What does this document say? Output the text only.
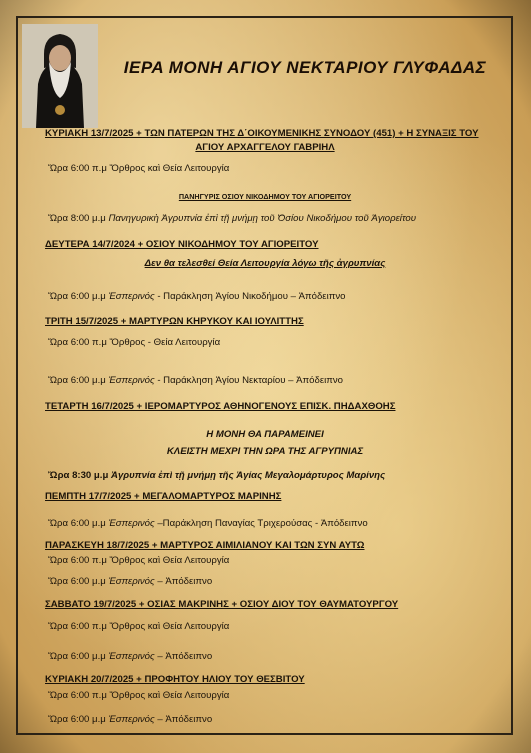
ΙΕΡΑ ΜΟΝΗ ΑΓΙΟΥ ΝΕΚΤΑΡΙΟΥ ΓΛΥΦΑΔΑΣ
ΚΥΡΙΑΚΗ 13/7/2025 + ΤΩΝ ΠΑΤΕΡΩΝ ΤΗΣ Δ΄ΟΙΚΟΥΜΕΝΙΚΗΣ ΣΥΝΟΔΟΥ (451) + Η ΣΥΝΑΞΙΣ ΤΟΥ
ΑΓΙΟΥ ΑΡΧΑΓΓΕΛΟΥ ΓΑΒΡΙΗΛ
Ὥρα 6:00 π.μ Ὄρθρος καὶ Θεία Λειτουργία
ΠΑΝΗΓΥΡΙΣ ΟΣΙΟΥ ΝΙΚΟΔΗΜΟΥ ΤΟΥ ΑΓΙΟΡΕΙΤΟΥ
Ὥρα 8:00 μ.μ Πανηγυρικὴ Ἀγρυπνία ἐπὶ τῇ μνήμῃ τοῦ Ὁσίου Νικοδήμου τοῦ Ἁγιορείτου
ΔΕΥΤΕΡΑ 14/7/2024 + ΟΣΙΟΥ ΝΙΚΟΔΗΜΟΥ ΤΟΥ ΑΓΙΟΡΕΙΤΟΥ
Δεν θα τελεσθεί Θεία Λειτουργία λόγω τῆς ἀγρυπνίας
Ὥρα 6:00 μ.μ Ἑσπερινός - Παράκληση Ἁγίου Νικοδήμου – Ἀπόδειπνο
ΤΡΙΤΗ 15/7/2025 + ΜΑΡΤΥΡΩΝ ΚΗΡΥΚΟΥ ΚΑΙ ΙΟΥΛΙΤΤΗΣ
Ὥρα 6:00 π.μ Ὄρθρος - Θεία Λειτουργία
Ὥρα 6:00 μ.μ Ἑσπερινός - Παράκληση Ἁγίου Νεκταρίου – Ἀπόδειπνο
ΤΕΤΑΡΤΗ 16/7/2025 + ΙΕΡΟΜΑΡΤΥΡΟΣ ΑΘΗΝΟΓΕΝΟΥΣ ΕΠΙΣΚ. ΠΗΔΑΧΘΟΗΣ
Η ΜΟΝΗ ΘΑ ΠΑΡΑΜΕΙΝΕΙ
ΚΛΕΙΣΤΗ ΜΕΧΡΙ ΤΗΝ ΩΡΑ ΤΗΣ ΑΓΡΥΠΝΙΑΣ
Ὥρα 8:30 μ.μ Ἀγρυπνία ἐπὶ τῇ μνήμῃ τῆς Ἁγίας Μεγαλομάρτυρος Μαρίνης
ΠΕΜΠΤΗ 17/7/2025 + ΜΕΓΑΛΟΜΑΡΤΥΡΟΣ ΜΑΡΙΝΗΣ
Ὥρα 6:00 μ.μ Ἑσπερινός –Παράκληση Παναγίας Τριχερούσας - Ἀπόδειπνο
ΠΑΡΑΣΚΕΥΗ 18/7/2025 + ΜΑΡΤΥΡΟΣ ΑΙΜΙΛΙΑΝΟΥ ΚΑΙ ΤΩΝ ΣΥΝ ΑΥΤΩ
Ὥρα 6:00 π.μ Ὄρθρος καὶ Θεία Λειτουργία
Ὥρα 6:00 μ.μ Ἑσπερινός – Ἀπόδειπνο
ΣΑΒΒΑΤΟ 19/7/2025 + ΟΣΙΑΣ ΜΑΚΡΙΝΗΣ + ΟΣΙΟΥ ΔΙΟΥ ΤΟΥ ΘΑΥΜΑΤΟΥΡΓΟΥ
Ὥρα 6:00 π.μ Ὄρθρος καὶ Θεία Λειτουργία
Ὥρα 6:00 μ.μ Ἑσπερινός – Ἀπόδειπνο
ΚΥΡΙΑΚΗ 20/7/2025 + ΠΡΟΦΗΤΟΥ ΗΛΙΟΥ ΤΟΥ ΘΕΣΒΙΤΟΥ
Ὥρα 6:00 π.μ Ὄρθρος καὶ Θεία Λειτουργία
Ὥρα 6:00 μ.μ Ἑσπερινός – Ἀπόδειπνο
